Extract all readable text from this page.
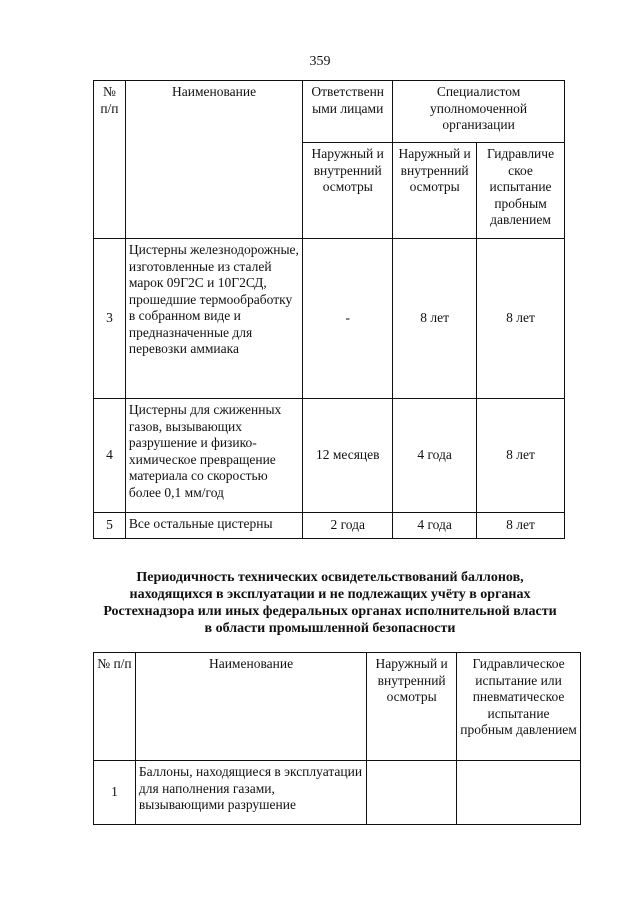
359
№ п/п	Наименование	Ответственн ыми лицами	Специалистом уполномоченной организации	
		Наружный и внутренний осмотры	Наружный и внутренний осмотры	Гидравличе ское испытание пробным давлением
3	Цистерны железнодорожные, изготовленные из сталей марок 09Г2С и 10Г2СД, прошедшие термообработку в собранном виде и предназначенные для перевозки аммиака	-	8 лет	8 лет
4	Цистерны для сжиженных газов, вызывающих разрушение и физико-химическое превращение материала со скоростью более 0,1 мм/год	12 месяцев	4 года	8 лет
5	Все остальные цистерны	2 года	4 года	8 лет
Периодичность технических освидетельствований баллонов,
находящихся в эксплуатации и не подлежащих учёту в органах
Ростехнадзора или иных федеральных органах исполнительной власти
в области промышленной безопасности
№ п/п	Наименование	Наружный и внутренний осмотры	Гидравлическое испытание или пневматическое испытание пробным давлением
1	Баллоны, находящиеся в эксплуатации для наполнения газами, вызывающими разрушение		
